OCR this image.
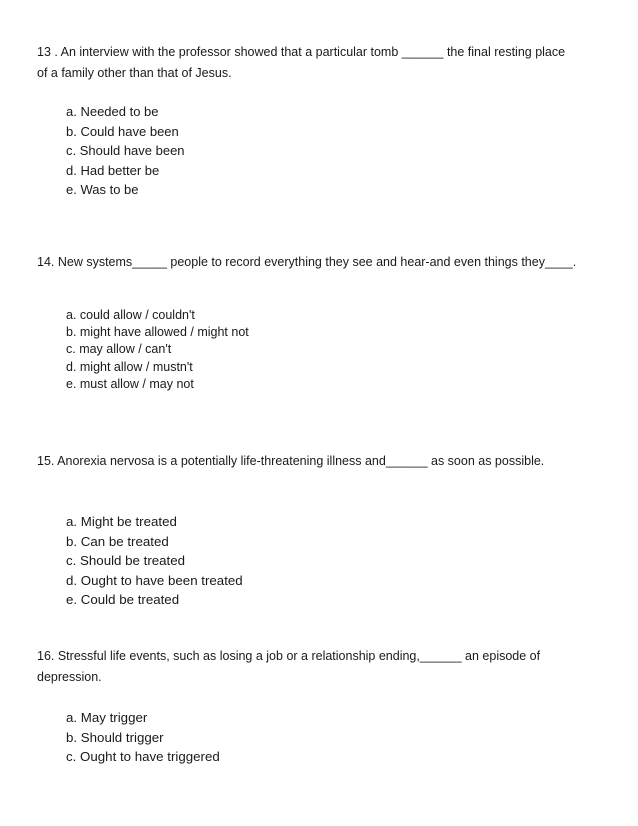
13 . An interview with the professor showed that a particular tomb ______ the final resting place of a family other than that of Jesus.

a. Needed to be
b. Could have been
c. Should have been
d. Had better be
e. Was to be

14. New systems_____ people to record everything they see and hear-and even things they____.

a. could allow / couldn't
b. might have allowed / might not
c. may allow / can't
d. might allow / mustn't
e. must allow / may not

15. Anorexia nervosa is a potentially life-threatening illness and______ as soon as possible.

a. Might be treated
b. Can be treated
c. Should be treated
d. Ought to have been treated
e. Could be treated

16. Stressful life events, such as losing a job or a relationship ending,______ an episode of depression.

a. May trigger
b. Should trigger
c. Ought to have triggered
